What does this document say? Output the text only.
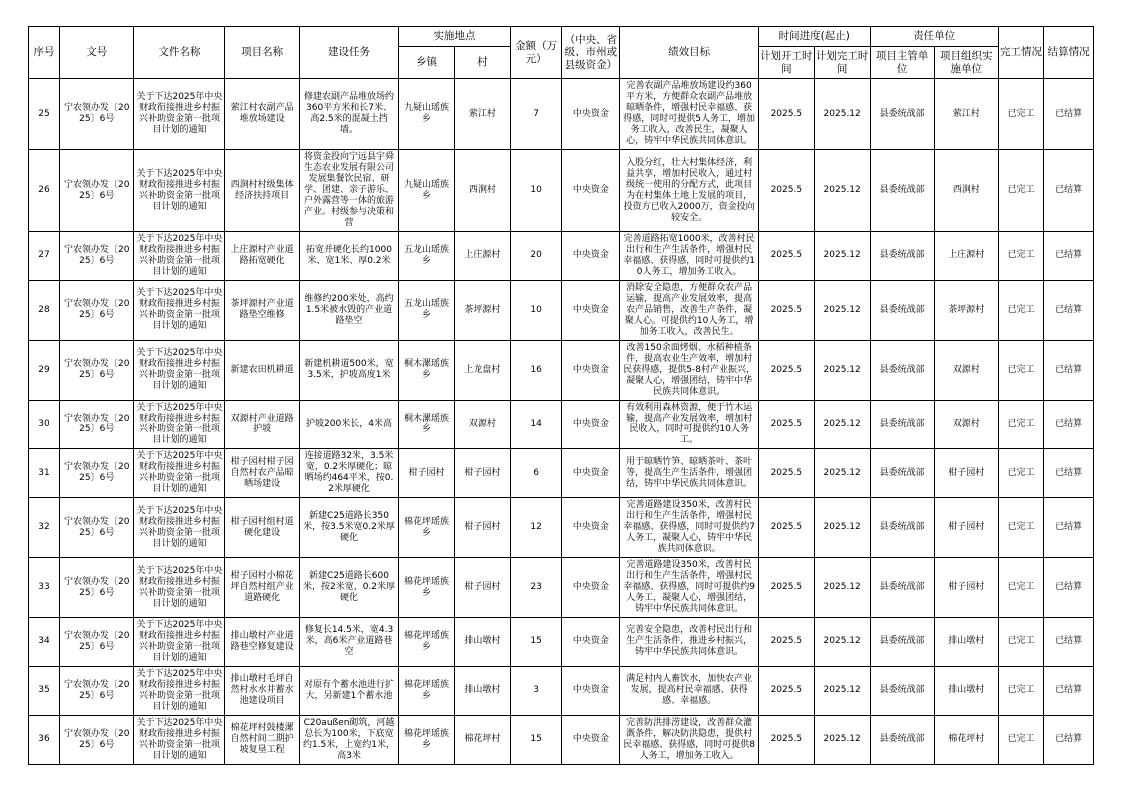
序号	文号	文件名称	项目名称	建设任务	实施地点		金额（万元）	（中央、省级、市州或县级资金）	绩效目标	时间进度(起止)		责任单位		完工情况	结算情况
					乡镇	村				计划开工时间	计划完工时间	项目主管单位	项目组织实施单位		
25	宁农领办发〔2025〕6号	关于下达2025年中央财政衔接推进乡村振兴补助资金第一批项目计划的通知	萦江村农副产品堆放场建设	修建农副产品堆放场约360平方米和长7米、高2.5米的混凝土挡墙。	九疑山瑶族乡	萦江村	7	中央资金	完善农副产品堆放场建设约360平方米，方便群众农副产品堆放晾晒条件，增强村民幸福感、获得感，同时可提供5人务工，增加务工收入，改善民生，凝聚人心，铸牢中华民族共同体意识。	2025.5	2025.12	县委统战部	萦江村	已完工	已结算
26	宁农领办发〔2025〕6号	关于下达2025年中央财政衔接推进乡村振兴补助资金第一批项目计划的通知	西涧村村级集体经济扶持项目	将资金投向宁远县宇舜生态农业发展有限公司发展集餐饮民宿、研学、团建、亲子游乐、户外露营等一体的旅游产业。村级参与决策和营	九疑山瑶族乡	西涧村	10	中央资金	入股分红，壮大村集体经济，利益共享，增加村民收入，通过村级统一使用的分配方式，此项目为在村集体土地上发展的项目，投资方已收入2000万，资金投向较安全。	2025.5	2025.12	县委统战部	西涧村	已完工	已结算
27	宁农领办发〔2025〕6号	关于下达2025年中央财政衔接推进乡村振兴补助资金第一批项目计划的通知	上庄源村产业道路拓宽硬化	拓宽并硬化长约1000米、宽1米、厚0.2米	五龙山瑶族乡	上庄源村	20	中央资金	完善道路拓宽1000米，改善村民出行和生产生活条件，增强村民幸福感、获得感，同时可提供约10人务工，增加务工收入。	2025.5	2025.12	县委统战部	上庄源村	已完工	已结算
28	宁农领办发〔2025〕6号	关于下达2025年中央财政衔接推进乡村振兴补助资金第一批项目计划的通知	茶坪源村产业道路垫空维修	维修约200米处，高约1.5米被水毁的产业道路垫空	五龙山瑶族乡	茶坪源村	10	中央资金	消除安全隐患，方便群众农产品运输，提高产业发展效率，提高农产品销售，改善生产条件，凝聚人心。可提供约10人务工，增加务工收入，改善民生。	2025.5	2025.12	县委统战部	茶坪源村	已完工	已结算
29	宁农领办发〔2025〕6号	关于下达2025年中央财政衔接推进乡村振兴补助资金第一批项目计划的通知	新建农田机耕道	新建机耕道500米，宽3.5米，护坡高度1米	桐木漯瑶族乡	上龙盘村	16	中央资金	改善150余面烤烟、水稻种植条件，提高农业生产效率，增加村民获得感，提供5-8村产业振兴，凝聚人心，增强团结，铸牢中华民族共同体意识。	2025.5	2025.12	县委统战部	双源村	已完工	已结算
30	宁农领办发〔2025〕6号	关于下达2025年中央财政衔接推进乡村振兴补助资金第一批项目计划的通知	双源村产业道路护坡	护坡200米长，4米高	桐木漯瑶族乡	双源村	14	中央资金	有效利用森林资源，便于竹木运输，提高产业发展效率，增加村民收入，同时可提供约10人务工。	2025.5	2025.12	县委统战部	双源村	已完工	已结算
31	宁农领办发〔2025〕6号	关于下达2025年中央财政衔接推进乡村振兴补助资金第一批项目计划的通知	柑子园村柑子园自然村农产品晾晒场建设	连接道路32米，3.5米宽，0.2米厚硬化；晾晒场约464平米，按0.2米厚硬化	柑子园村	柑子园村	6	中央资金	用于晾晒竹笋、晾晒茶叶、茶叶等，提高生产生活条件，增强团结，铸牢中华民族共同体意识。	2025.5	2025.12	县委统战部	柑子园村	已完工	已结算
32	宁农领办发〔2025〕6号	关于下达2025年中央财政衔接推进乡村振兴补助资金第一批项目计划的通知	柑子园村组村道硬化建设	新建C25道路长350米，按3.5米宽0.2米厚硬化	棉花坪瑶族乡	柑子园村	12	中央资金	完善道路建设350米，改善村民出行和生产生活条件，增强村民幸福感、获得感，同时可提供约7人务工，凝聚人心，铸牢中华民族共同体意识。	2025.5	2025.12	县委统战部	柑子园村	已完工	已结算
33	宁农领办发〔2025〕6号	关于下达2025年中央财政衔接推进乡村振兴补助资金第一批项目计划的通知	柑子园村小棉花坪自然村组产业道路硬化	新建C25道路长600米，按2米宽，0.2米厚硬化	棉花坪瑶族乡	柑子园村	23	中央资金	完善道路建设350米，改善村民出行和生产生活条件，增强村民幸福感、获得感，同时可提供约9人务工，凝聚人心，增强团结，铸牢中华民族共同体意识。	2025.5	2025.12	县委统战部	柑子园村	已完工	已结算
34	宁农领办发〔2025〕6号	关于下达2025年中央财政衔接推进乡村振兴补助资金第一批项目计划的通知	排山墩村产业道路巷空修复建设	修复长14.5米，宽4.3米，高6米产业道路巷空	棉花坪瑶族乡	排山墩村	15	中央资金	完善安全隐患，改善村民出行和生产生活条件，推进乡村振兴，铸牢中华民族共同体意识。	2025.5	2025.12	县委统战部	排山墩村	已完工	已结算
35	宁农领办发〔2025〕6号	关于下达2025年中央财政衔接推进乡村振兴补助资金第一批项目计划的通知	排山墩村毛坪自然村水水井蓄水池建设项目	对原有个蓄水池进行扩大，另新建1个蓄水池	棉花坪瑶族乡	排山墩村	3	中央资金	满足村内人畜饮水，加快农产业发展，提高村民幸福感、获得感、幸福感。	2025.5	2025.12	县委统战部	排山墩村	已完工	已结算
36	宁农领办发〔2025〕6号	关于下达2025年中央财政衔接推进乡村振兴补助资金第一批项目计划的通知	棉花坪村鼓楼漯自然村间二期护坡复垦工程	C20außen砌筑，河越总长为100米，下底宽约1.5米，上宽约1米，高3米	棉花坪瑶族乡	棉花坪村	15	中央资金	完善防洪排涝建设，改善群众灌溉条件，解决防洪隐患，提供村民幸福感、获得感，同时可提供8人务工，增加务工收入。	2025.5	2025.12	县委统战部	棉花坪村	已完工	已结算
